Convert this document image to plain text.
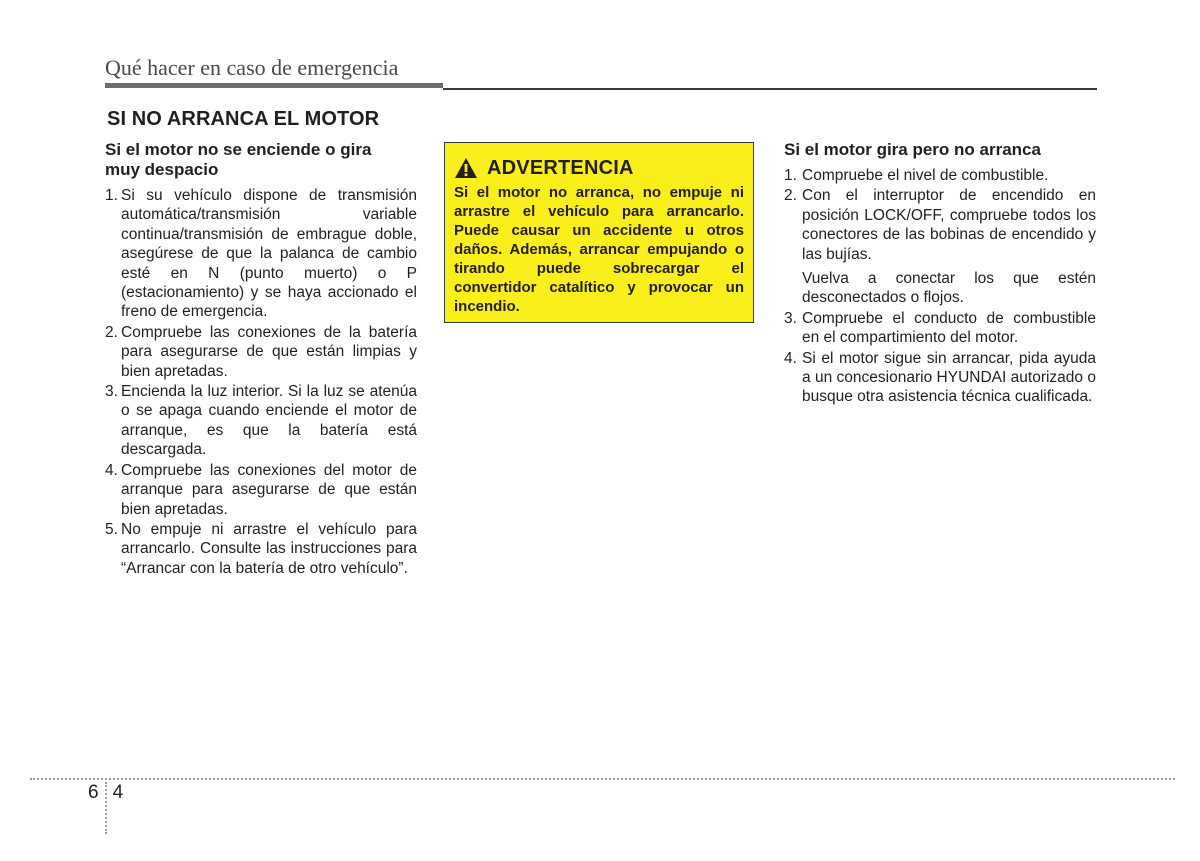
Qué hacer en caso de emergencia
SI NO ARRANCA EL MOTOR
Si el motor no se enciende o gira muy despacio
1. Si su vehículo dispone de transmisión automática/transmisión variable continua/transmisión de embrague doble, asegúrese de que la palanca de cambio esté en N (punto muerto) o P (estacionamiento) y se haya accionado el freno de emergencia.
2. Compruebe las conexiones de la batería para asegurarse de que están limpias y bien apretadas.
3. Encienda la luz interior. Si la luz se atenúa o se apaga cuando enciende el motor de arranque, es que la batería está descargada.
4. Compruebe las conexiones del motor de arranque para asegurarse de que están bien apretadas.
5. No empuje ni arrastre el vehículo para arrancarlo. Consulte las instrucciones para “Arrancar con la batería de otro vehículo”.
ADVERTENCIA
Si el motor no arranca, no empuje ni arrastre el vehículo para arrancarlo. Puede causar un accidente u otros daños. Además, arrancar empujando o tirando puede sobrecargar el convertidor catalítico y provocar un incendio.
Si el motor gira pero no arranca
1. Compruebe el nivel de combustible.
2. Con el interruptor de encendido en posición LOCK/OFF, compruebe todos los conectores de las bobinas de encendido y las bujías.
Vuelva a conectar los que estén desconectados o flojos.
3. Compruebe el conducto de combustible en el compartimiento del motor.
4. Si el motor sigue sin arrancar, pida ayuda a un concesionario HYUNDAI autorizado o busque otra asistencia técnica cualificada.
6 4
